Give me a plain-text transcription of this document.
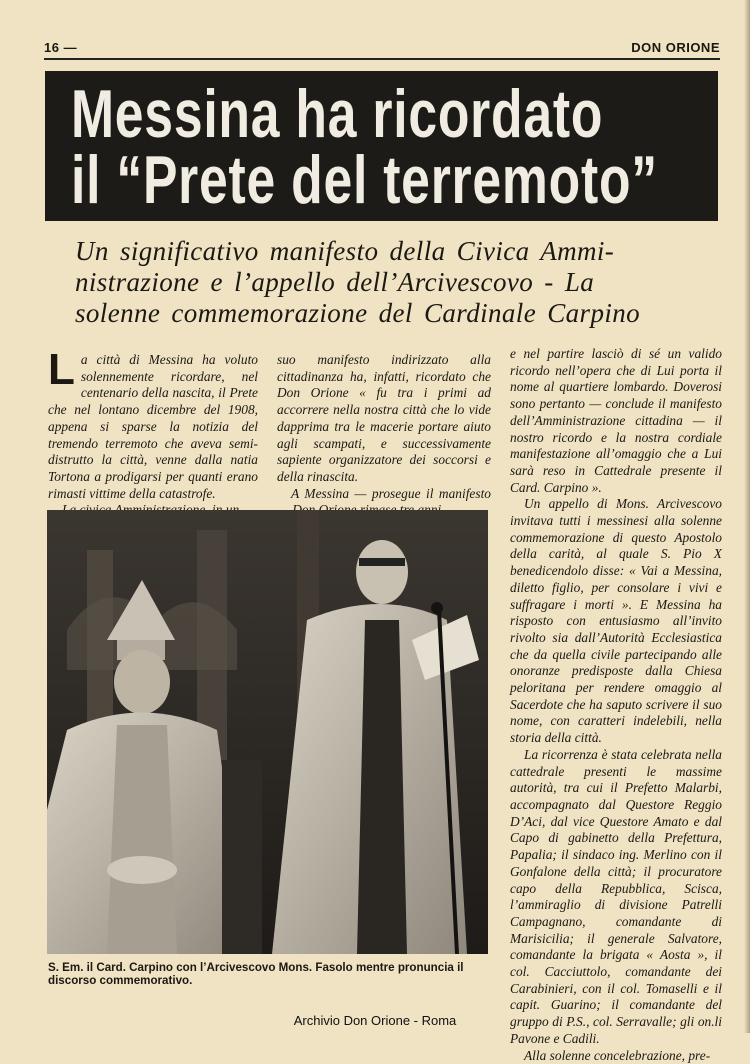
16 —	DON ORIONE
Messina ha ricordato
il “Prete del terremoto”
Un significativo manifesto della Civica Ammi-
nistrazione e l’appello dell’Arcivescovo - La
solenne commemorazione del Cardinale Carpino

La città di Messina ha voluto solennemente ricordare, nel centenario della nascita, il Prete che nel lontano dicembre del 1908, appena si sparse la notizia del tremendo terremoto che aveva semi-distrutto la città, venne dalla natia Tortona a prodigarsi per quanti erano rimasti vittime della catastrofe.

suo manifesto indirizzato alla cittadinanza ha, infatti, ricordato che Don Orione « fu tra i primi ad accorrere nella nostra città che lo vide dapprima tra le macerie portare aiuto agli scampati, e successivamente sapiente organizzatore dei soccorsi e della rinascita.

A Messina — prosegue il manifesto

e nel partire lasciò di sé un valido ricordo nell’opera che di Lui porta il nome al quartiere lombardo. Doverosi sono pertanto — conclude il manifesto dell’Amministrazione cittadina — il nostro ricordo e la nostra cordiale manifestazione all’omaggio che a Lui sarà reso in Cattedrale presente il Card. Carpino ».

Un appello di Mons. Arcivescovo invitava tutti i messinesi alla solenne commemorazione di questo Apostolo della carità, al quale S. Pio X benedicendolo disse: « Vai a Messina, diletto figlio, per consolare i vivi e suffragare i morti ». E Messina ha risposto con entusiasmo all’invito rivolto sia dall’Autorità Ecclesiastica che da quella civile partecipando alle onoranze predisposte dalla Chiesa peloritana per rendere omaggio al Sacerdote che ha saputo scrivere il suo nome, con caratteri indelebili, nella storia della città.

La ricorrenza è stata celebrata nella cattedrale presenti le massime autorità, tra cui il Prefetto Malarbi, accompagnato dal Questore Reggio D’Aci, dal vice Questore Amato e dal Capo di gabinetto della Prefettura, Papalia; il sindaco ing. Merlino con il Gonfalone della città; il procuratore capo della Repubblica, Scisca, l’ammiraglio di divisione Patrelli Campagnano, comandante di Marisicilia; il generale Salvatore, comandante la brigata « Aosta », il col. Cacciuttolo, comandante dei Carabinieri, con il col. Tomaselli e il capit. Guarino; il comandante del gruppo di P.S., col. Serravalle; gli on.li Pavone e Cadili.

Alla solenne concelebrazione, pre-

S. Em. il Card. Carpino con l’Arcivescovo Mons. Fasolo mentre pronuncia il discorso commemorativo.
Archivio Don Orione - Roma
